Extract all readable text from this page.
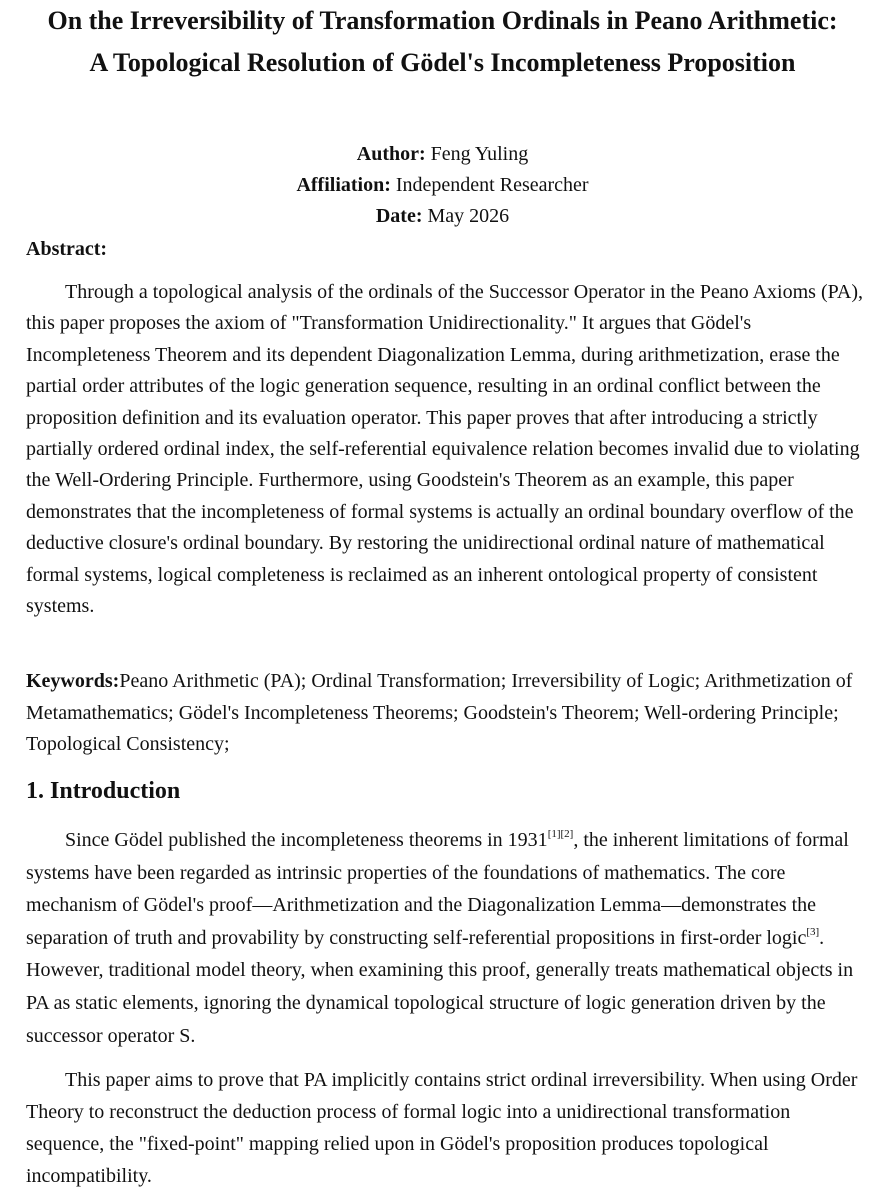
On the Irreversibility of Transformation Ordinals in Peano Arithmetic: A Topological Resolution of Gödel's Incompleteness Proposition
Author: Feng Yuling
Affiliation: Independent Researcher
Date: May 2026
Abstract:

Through a topological analysis of the ordinals of the Successor Operator in the Peano Axioms (PA), this paper proposes the axiom of "Transformation Unidirectionality." It argues that Gödel's Incompleteness Theorem and its dependent Diagonalization Lemma, during arithmetization, erase the partial order attributes of the logic generation sequence, resulting in an ordinal conflict between the proposition definition and its evaluation operator. This paper proves that after introducing a strictly partially ordered ordinal index, the self-referential equivalence relation becomes invalid due to violating the Well-Ordering Principle. Furthermore, using Goodstein's Theorem as an example, this paper demonstrates that the incompleteness of formal systems is actually an ordinal boundary overflow of the deductive closure's ordinal boundary. By restoring the unidirectional ordinal nature of mathematical formal systems, logical completeness is reclaimed as an inherent ontological property of consistent systems.

Keywords:Peano Arithmetic (PA); Ordinal Transformation; Irreversibility of Logic; Arithmetization of Metamathematics; Gödel's Incompleteness Theorems; Goodstein's Theorem; Well-ordering Principle; Topological Consistency;

1. Introduction

Since Gödel published the incompleteness theorems in 1931[1][2], the inherent limitations of formal systems have been regarded as intrinsic properties of the foundations of mathematics. The core mechanism of Gödel's proof—Arithmetization and the Diagonalization Lemma—demonstrates the separation of truth and provability by constructing self-referential propositions in first-order logic[3]. However, traditional model theory, when examining this proof, generally treats mathematical objects in PA as static elements, ignoring the dynamical topological structure of logic generation driven by the successor operator S.

This paper aims to prove that PA implicitly contains strict ordinal irreversibility. When using Order Theory to reconstruct the deduction process of formal logic into a unidirectional transformation sequence, the "fixed-point" mapping relied upon in Gödel's proposition produces topological incompatibility.
